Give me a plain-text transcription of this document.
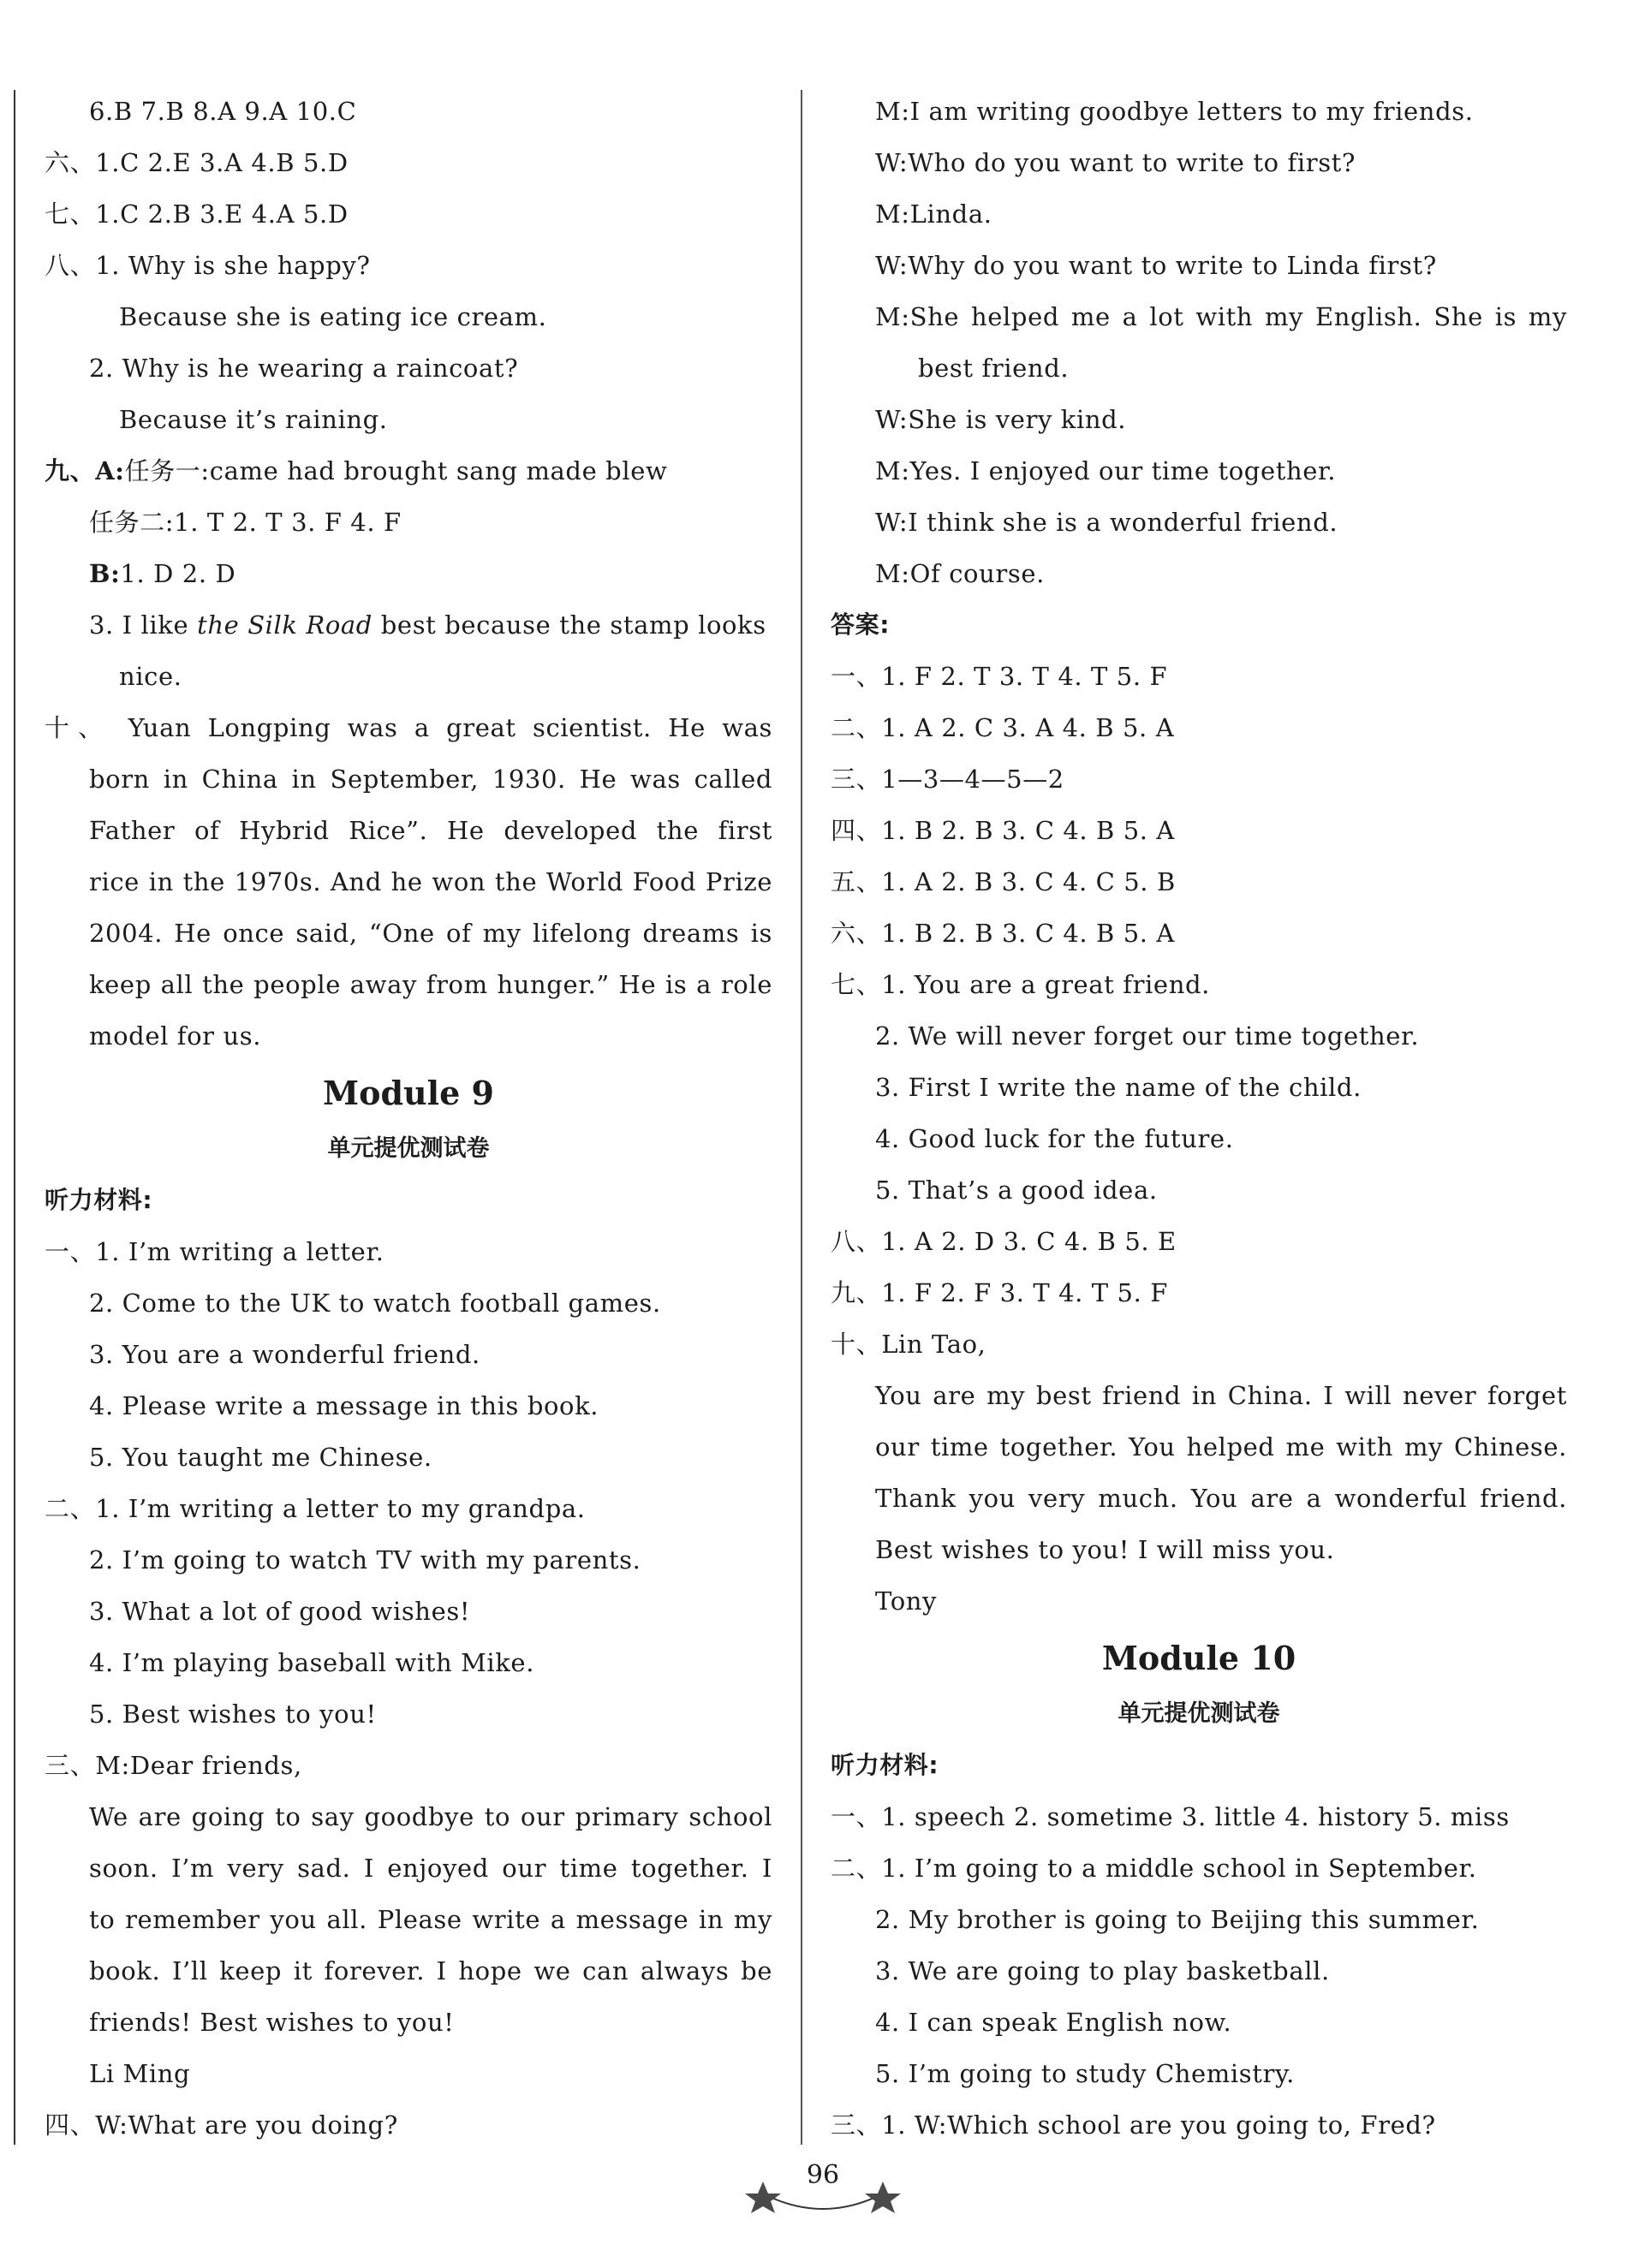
6.B 7.B 8.A 9.A 10.C
六、1.C 2.E 3.A 4.B 5.D
七、1.C 2.B 3.E 4.A 5.D
八、1. Why is she happy?
Because she is eating ice cream.
2. Why is he wearing a raincoat?
Because it’s raining.
九、A:任务一:came had brought sang made blew
任务二:1. T 2. T 3. F 4. F
B:1. D 2. D
3. I like the Silk Road best because the stamp looks
nice.
十、 Yuan Longping was a great scientist. He was
born in China in September, 1930. He was called
Father of Hybrid Rice”. He developed the first
rice in the 1970s. And he won the World Food Prize
2004. He once said, “One of my lifelong dreams is
keep all the people away from hunger.” He is a role
model for us.
Module 9
单元提优测试卷
听力材料:
一、1. I’m writing a letter.
2. Come to the UK to watch football games.
3. You are a wonderful friend.
4. Please write a message in this book.
5. You taught me Chinese.
二、1. I’m writing a letter to my grandpa.
2. I’m going to watch TV with my parents.
3. What a lot of good wishes!
4. I’m playing baseball with Mike.
5. Best wishes to you!
三、M:Dear friends,
We are going to say goodbye to our primary school
soon. I’m very sad. I enjoyed our time together. I
to remember you all. Please write a message in my
book. I’ll keep it forever. I hope we can always be
friends! Best wishes to you!
Li Ming
四、W:What are you doing?
M:I am writing goodbye letters to my friends.
W:Who do you want to write to first?
M:Linda.
W:Why do you want to write to Linda first?
M:She helped me a lot with my English. She is my
best friend.
W:She is very kind.
M:Yes. I enjoyed our time together.
W:I think she is a wonderful friend.
M:Of course.
答案:
一、1. F 2. T 3. T 4. T 5. F
二、1. A 2. C 3. A 4. B 5. A
三、1—3—4—5—2
四、1. B 2. B 3. C 4. B 5. A
五、1. A 2. B 3. C 4. C 5. B
六、1. B 2. B 3. C 4. B 5. A
七、1. You are a great friend.
2. We will never forget our time together.
3. First I write the name of the child.
4. Good luck for the future.
5. That’s a good idea.
八、1. A 2. D 3. C 4. B 5. E
九、1. F 2. F 3. T 4. T 5. F
十、Lin Tao,
You are my best friend in China. I will never forget
our time together. You helped me with my Chinese.
Thank you very much. You are a wonderful friend.
Best wishes to you! I will miss you.
Tony
Module 10
单元提优测试卷
听力材料:
一、1. speech 2. sometime 3. little 4. history 5. miss
二、1. I’m going to a middle school in September.
2. My brother is going to Beijing this summer.
3. We are going to play basketball.
4. I can speak English now.
5. I’m going to study Chemistry.
三、1. W:Which school are you going to, Fred?
96
